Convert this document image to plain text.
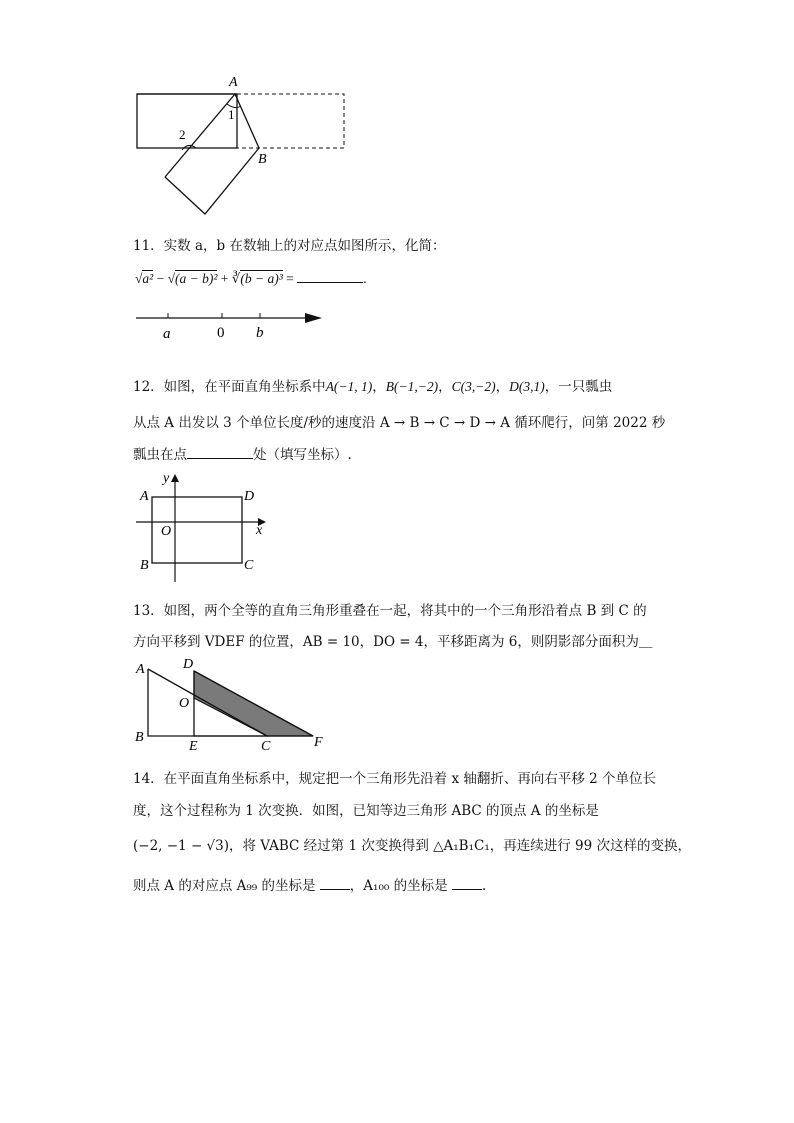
A
1
2
B
11．实数 a，b 在数轴上的对应点如图所示，化简：
√a² − √(a − b)² + ∛(b − a)³ =	.
a	0 b
12．如图，在平面直角坐标系中A(−1, 1)，B(−1,−2)，C(3,−2)，D(3,1)，一只瓢虫
从点 A 出发以 3 个单位长度/秒的速度沿 A → B → C → D → A 循环爬行，问第 2022 秒
瓢虫在点	处（填写坐标）.
y
x
A
B	C
D
O
13．如图，两个全等的直角三角形重叠在一起，将其中的一个三角形沿着点 B 到 C 的
方向平移到 VDEF 的位置，AB = 10，DO = 4，平移距离为 6，则阴影部分面积为＿
A
B
C
D
E	F
O
14．在平面直角坐标系中，规定把一个三角形先沿着 x 轴翻折、再向右平移 2 个单位长
度，这个过程称为 1 次变换．如图，已知等边三角形 ABC 的顶点 A 的坐标是
(−2, −1 − √3)，将 VABC 经过第 1 次变换得到 △A₁B₁C₁，再连续进行 99 次这样的变换，
则点 A 的对应点 A₉₉ 的坐标是	，A₁₀₀ 的坐标是	.
